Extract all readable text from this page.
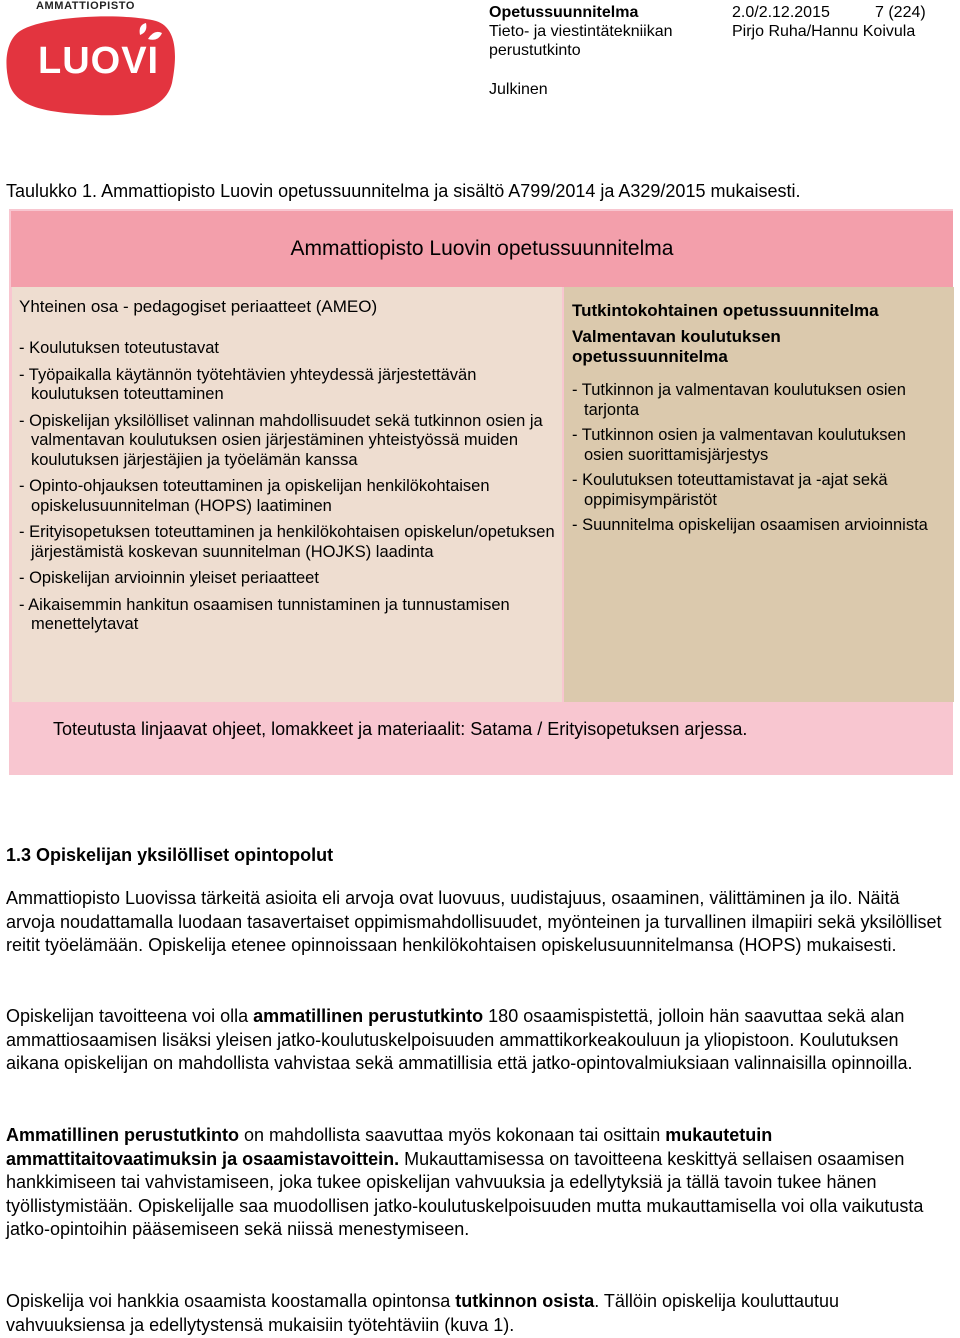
AMMATTIOPISTO
LUOVI
Opetussuunnitelma
Tieto- ja viestintätekniikan perustutkinto
2.0/2.12.2015	7 (224)
Pirjo Ruha/Hannu Koivula
Julkinen
Taulukko 1. Ammattiopisto Luovin opetussuunnitelma ja sisältö A799/2014 ja A329/2015 mukaisesti.
Ammattiopisto Luovin opetussuunnitelma
Yhteinen osa - pedagogiset periaatteet (AMEO)
- Koulutuksen toteutustavat
- Työpaikalla käytännön työtehtävien yhteydessä järjestettävän koulutuksen toteuttaminen
- Opiskelijan yksilölliset valinnan mahdollisuudet sekä tutkinnon osien ja valmentavan koulutuksen osien järjestäminen yhteistyössä muiden koulutuksen järjestäjien ja työelämän kanssa
- Opinto-ohjauksen toteuttaminen ja opiskelijan henkilökohtaisen opiskelusuunnitelman (HOPS) laatiminen
- Erityisopetuksen toteuttaminen ja henkilökohtaisen opiskelun/opetuksen järjestämistä koskevan suunnitelman (HOJKS) laadinta
- Opiskelijan arvioinnin yleiset periaatteet
- Aikaisemmin hankitun osaamisen tunnistaminen ja tunnustamisen menettelytavat
Tutkintokohtainen opetussuunnitelma
Valmentavan koulutuksen opetussuunnitelma
- Tutkinnon ja valmentavan koulutuksen osien tarjonta
- Tutkinnon osien ja valmentavan koulutuksen osien suorittamisjärjestys
- Koulutuksen toteuttamistavat ja -ajat sekä oppimisympäristöt
- Suunnitelma opiskelijan osaamisen arvioinnista
Toteutusta linjaavat ohjeet, lomakkeet ja materiaalit: Satama / Erityisopetuksen arjessa.
1.3 Opiskelijan yksilölliset opintopolut
Ammattiopisto Luovissa tärkeitä asioita eli arvoja ovat luovuus, uudistajuus, osaaminen, välittäminen ja ilo. Näitä arvoja noudattamalla luodaan tasavertaiset oppimismahdollisuudet, myönteinen ja turvallinen ilmapiiri sekä yksilölliset reitit työelämään. Opiskelija etenee opinnoissaan henkilökohtaisen opiskelusuunnitelmansa (HOPS) mukaisesti.
Opiskelijan tavoitteena voi olla ammatillinen perustutkinto 180 osaamispistettä, jolloin hän saavuttaa sekä alan ammattiosaamisen lisäksi yleisen jatko-koulutuskelpoisuuden ammattikorkeakouluun ja yliopistoon. Koulutuksen aikana opiskelijan on mahdollista vahvistaa sekä ammatillisia että jatko-opintovalmiuksiaan valinnaisilla opinnoilla.
Ammatillinen perustutkinto on mahdollista saavuttaa myös kokonaan tai osittain mukautetuin ammattitaitovaatimuksin ja osaamistavoittein. Mukauttamisessa on tavoitteena keskittyä sellaisen osaamisen hankkimiseen tai vahvistamiseen, joka tukee opiskelijan vahvuuksia ja edellytyksiä ja tällä tavoin tukee hänen työllistymistään. Opiskelijalle saa muodollisen jatko-koulutuskelpoisuuden mutta mukauttamisella voi olla vaikutusta jatko-opintoihin pääsemiseen sekä niissä menestymiseen.
Opiskelija voi hankkia osaamista koostamalla opintonsa tutkinnon osista. Tällöin opiskelija kouluttautuu vahvuuksiensa ja edellytystensä mukaisiin työtehtäviin (kuva 1).
